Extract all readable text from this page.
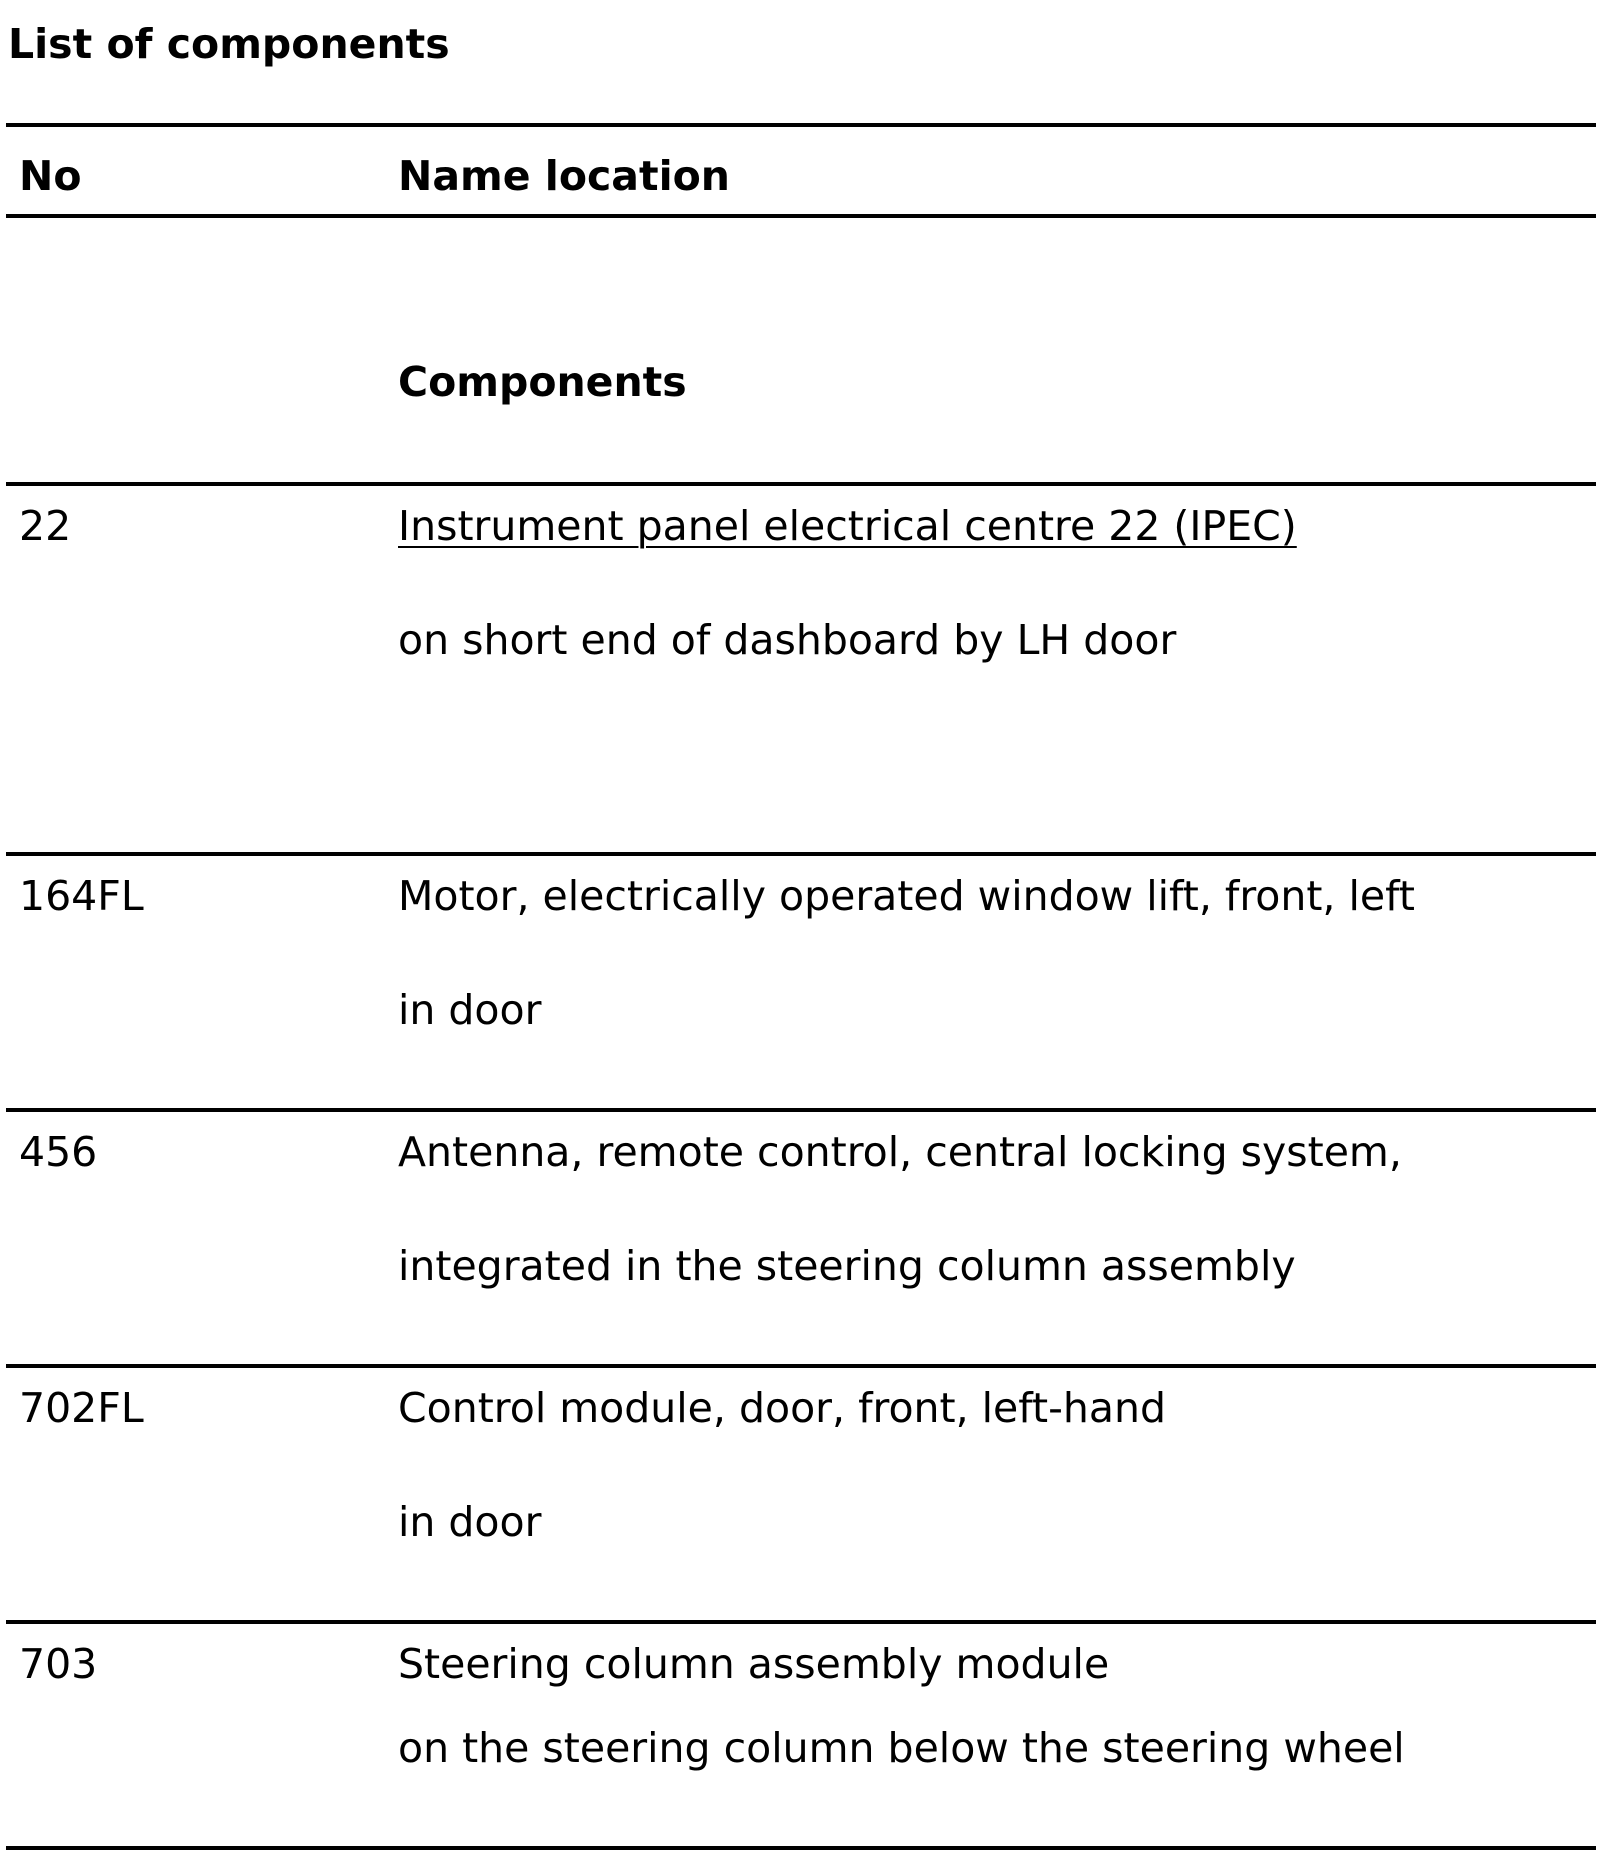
List of components
No	Name location
Components
22	Instrument panel electrical centre 22 (IPEC)
on short end of dashboard by LH door
164FL	Motor, electrically operated window lift, front, left
in door
456	Antenna, remote control, central locking system,
integrated in the steering column assembly
702FL	Control module, door, front, left-hand
in door
703	Steering column assembly module
on the steering column below the steering wheel
